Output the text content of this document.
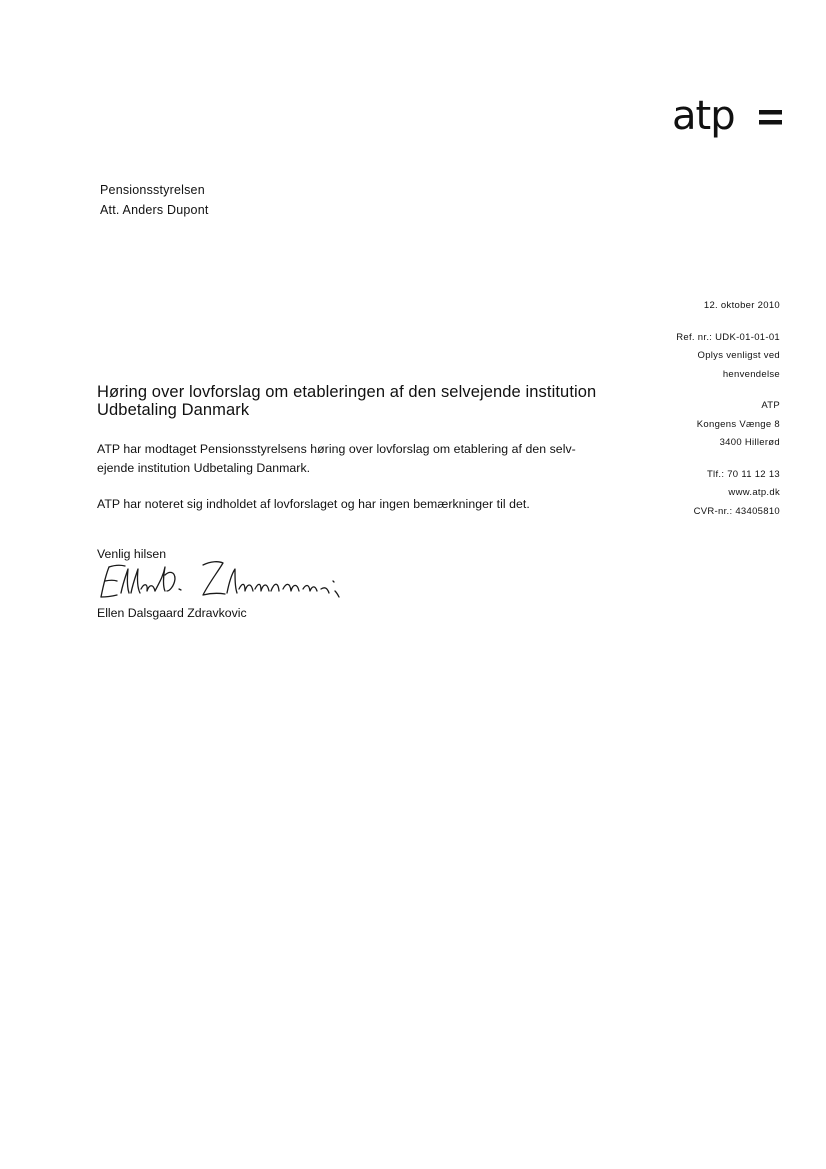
atp
Pensionsstyrelsen
Att. Anders Dupont
12. oktober 2010
Ref. nr.: UDK-01-01-01
Oplys venligst ved
henvendelse
ATP
Kongens Vænge 8
3400 Hillerød
Tlf.: 70 11 12 13
www.atp.dk
CVR-nr.: 43405810
Høring over lovforslag om etableringen af den selvejende institution Udbetaling Danmark

ATP har modtaget Pensionsstyrelsens høring over lovforslag om etablering af den selv-
ejende institution Udbetaling Danmark.

ATP har noteret sig indholdet af lovforslaget og har ingen bemærkninger til det.

Venlig hilsen
Ellen Dalsgaard Zdravkovic
